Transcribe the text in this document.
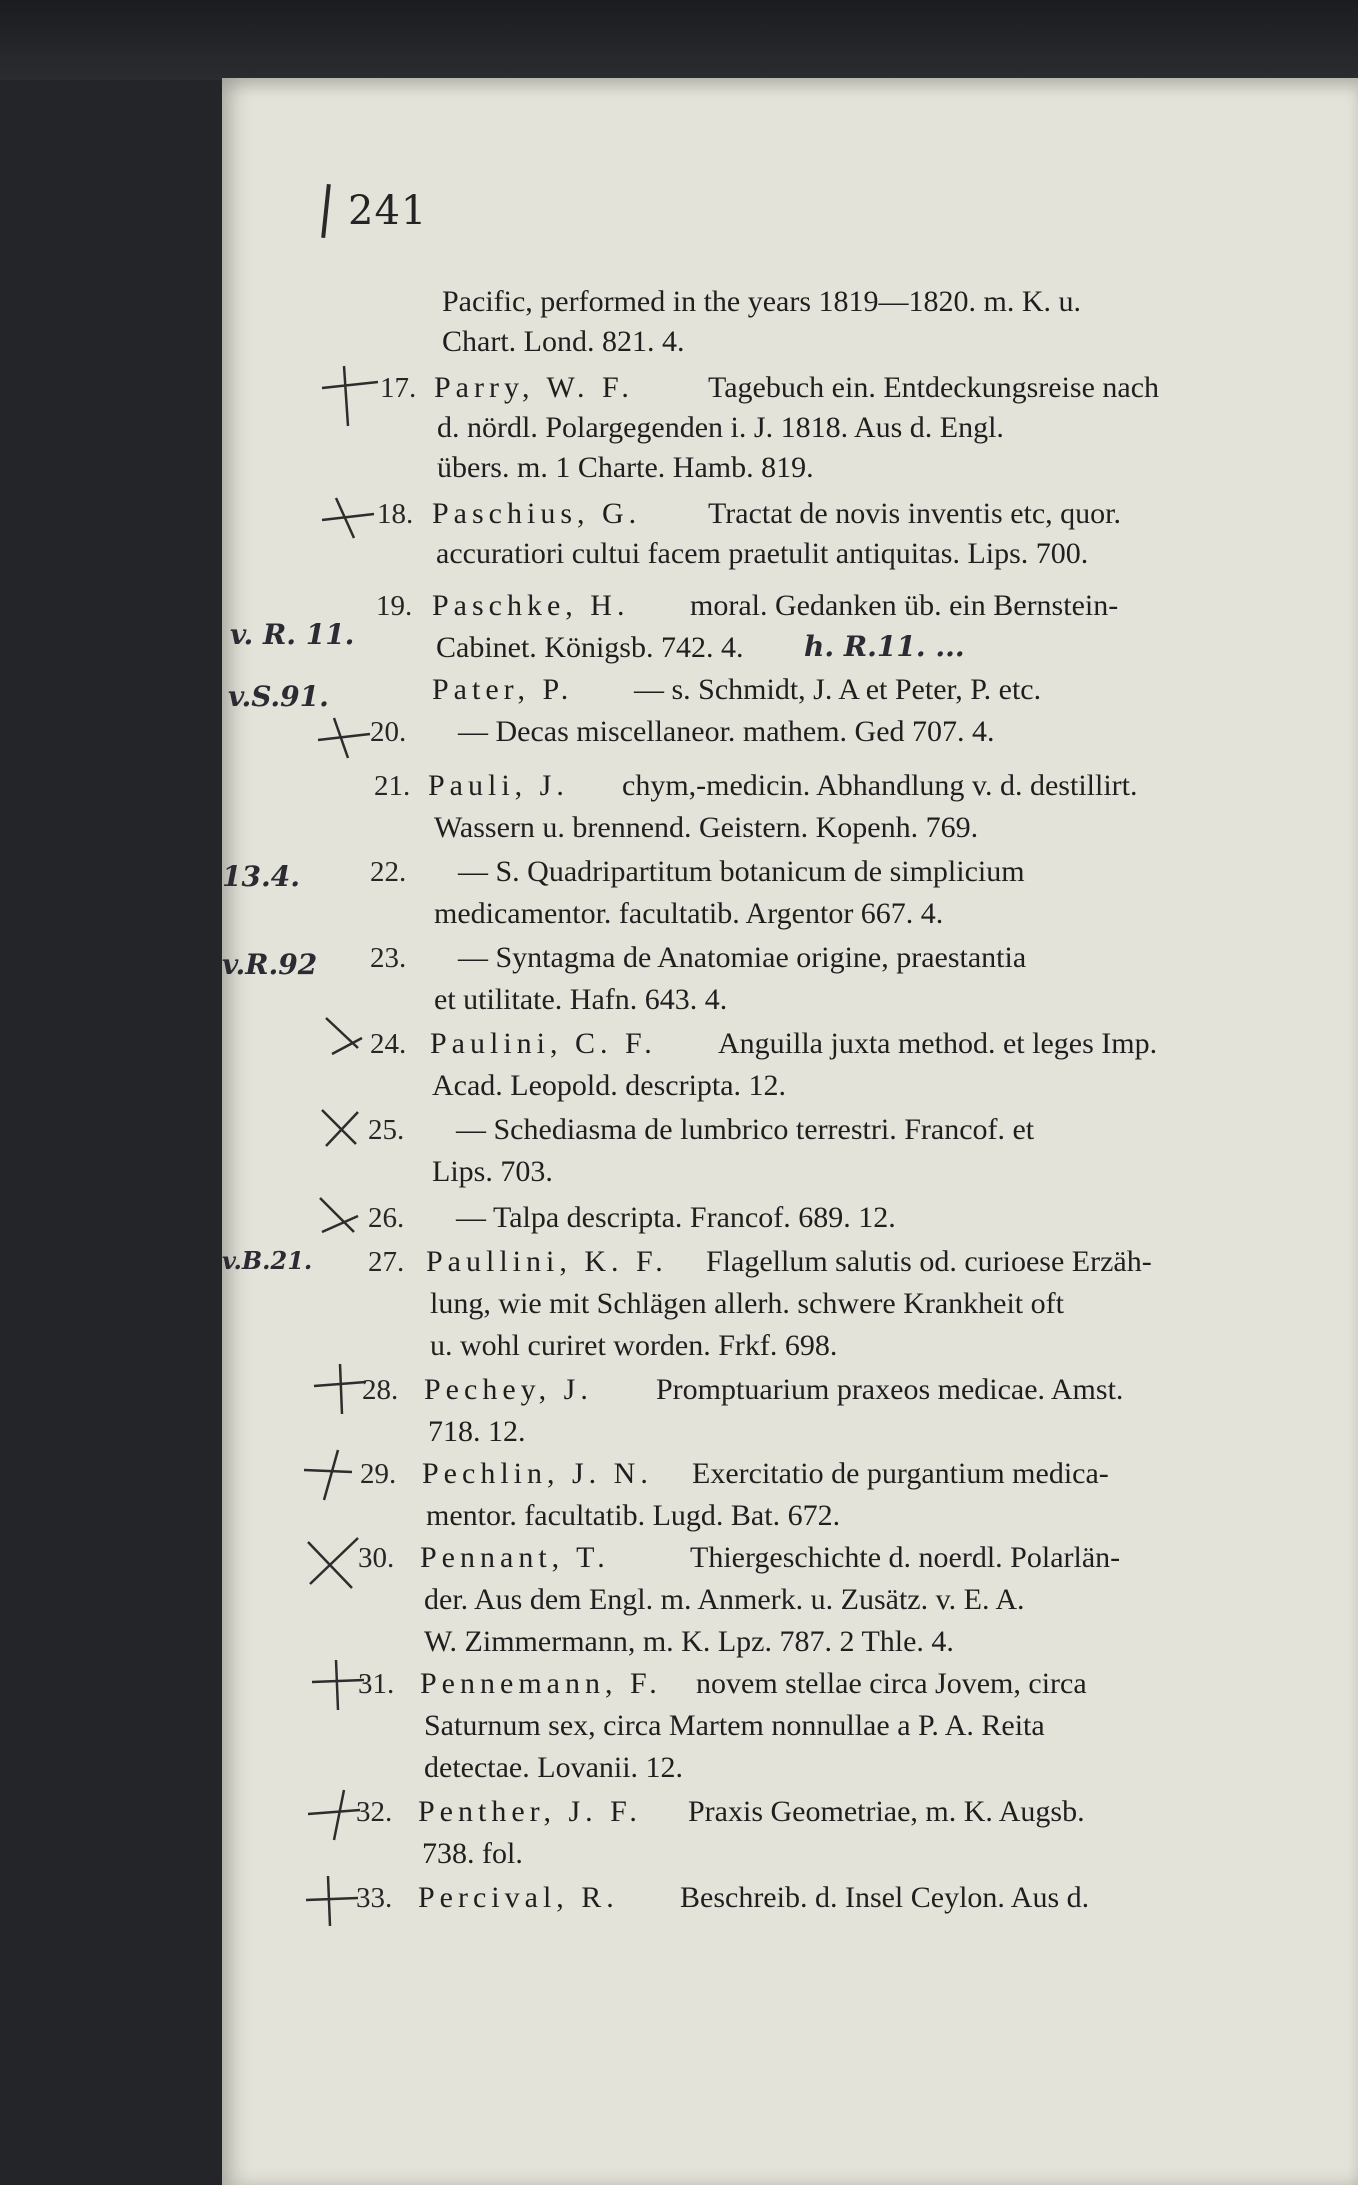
241
Pacific, performed in the years 1819—1820. m. K. u.
Chart. Lond. 821. 4.
17. Parry, W. F. Tagebuch ein. Entdeckungsreise nach
d. nördl. Polargegenden i. J. 1818. Aus d. Engl.
übers. m. 1 Charte. Hamb. 819.
18. Paschius, G. Tractat de novis inventis etc, quor.
accuratiori cultui facem praetulit antiquitas. Lips. 700.
19. Paschke, H. moral. Gedanken üb. ein Bernstein-
Cabinet. Königsb. 742. 4. h. R.11. ...
Pater, P. — s. Schmidt, J. A et Peter, P. etc.
20. — Decas miscellaneor. mathem. Ged 707. 4.
21. Pauli, J. chym,-medicin. Abhandlung v. d. destillirt.
Wassern u. brennend. Geistern. Kopenh. 769.
22. — S. Quadripartitum botanicum de simplicium
medicamentor. facultatib. Argentor 667. 4.
23. — Syntagma de Anatomiae origine, praestantia
et utilitate. Hafn. 643. 4.
24. Paulini, C. F. Anguilla juxta method. et leges Imp.
Acad. Leopold. descripta. 12.
25. — Schediasma de lumbrico terrestri. Francof. et
Lips. 703.
26. — Talpa descripta. Francof. 689. 12.
27. Paullini, K. F. Flagellum salutis od. curioese Erzäh-
lung, wie mit Schlägen allerh. schwere Krankheit oft
u. wohl curiret worden. Frkf. 698.
28. Pechey, J. Promptuarium praxeos medicae. Amst.
718. 12.
29. Pechlin, J. N. Exercitatio de purgantium medica-
mentor. facultatib. Lugd. Bat. 672.
30. Pennant, T.	Thiergeschichte d. noerdl. Polarlän-
der. Aus dem Engl. m. Anmerk. u. Zusätz. v. E. A.
W. Zimmermann, m. K. Lpz. 787. 2 Thle. 4.
31. Pennemann, F. novem stellae circa Jovem, circa
Saturnum sex, circa Martem nonnullae a P. A. Reita
detectae. Lovanii. 12.
32. Penther, J. F. Praxis Geometriae, m. K. Augsb.
738. fol.
33. Percival, R. Beschreib. d. Insel Ceylon. Aus d.
v. R. 11.
v.S.91.
13.4.
v.R.92
v.B.21.
